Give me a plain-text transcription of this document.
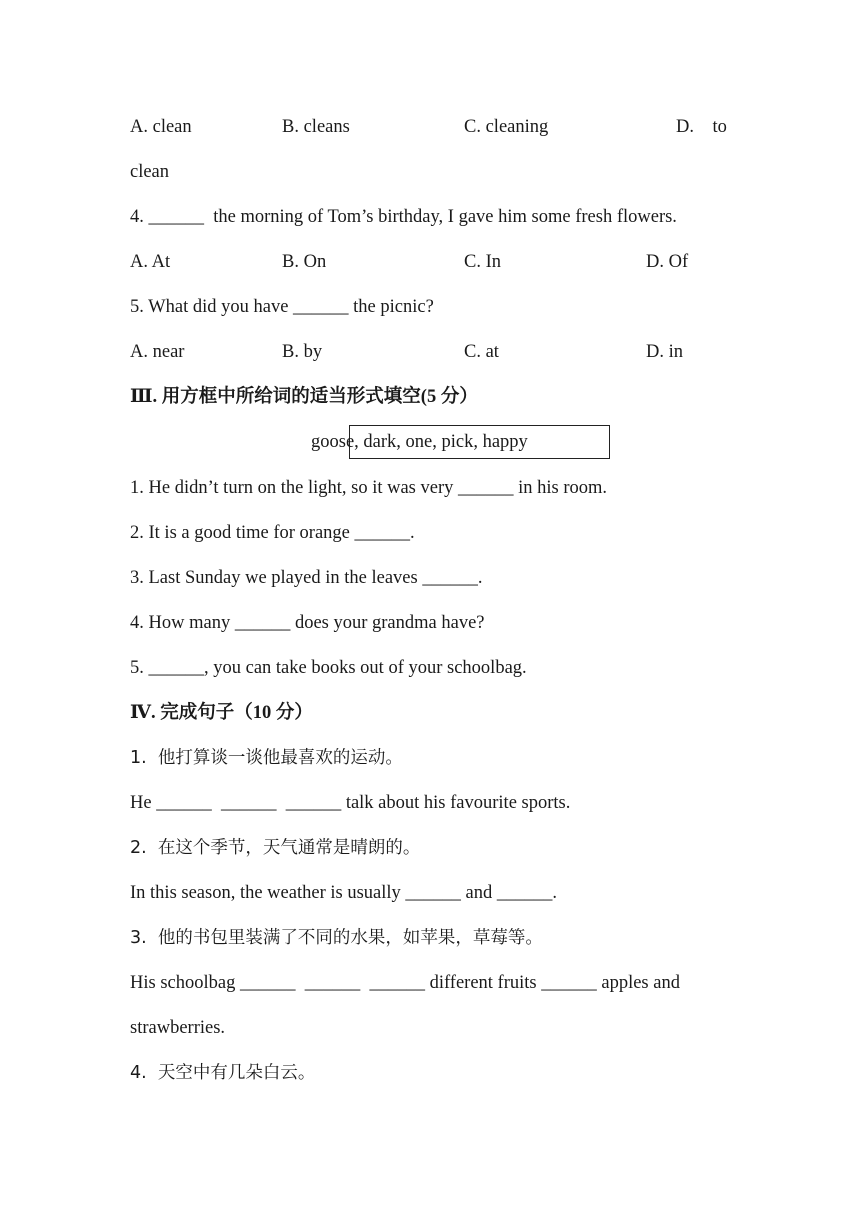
A. clean	B. cleans	C. cleaning	D.    to
clean
4. ______  the morning of Tom’s birthday, I gave him some fresh flowers.
A. At	B. On	C. In	D. Of
5. What did you have ______ the picnic?
A. near	B. by	C. at	D. in
Ⅲ. 用方框中所给词的适当形式填空(5 分）
goose, dark, one, pick, happy
1. He didn’t turn on the light, so it was very ______ in his room.
2. It is a good time for orange ______.
3. Last Sunday we played in the leaves ______.
4. How many ______ does your grandma have?
5. ______, you can take books out of your schoolbag.
Ⅳ. 完成句子（10 分）
1.  他打算谈一谈他最喜欢的运动。
He ______  ______  ______ talk about his favourite sports.
2.  在这个季节，天气通常是晴朗的。
In this season, the weather is usually ______ and ______.
3.  他的书包里装满了不同的水果，如苹果，草莓等。
His schoolbag ______  ______  ______ different fruits ______ apples and
strawberries.
4.  天空中有几朵白云。
